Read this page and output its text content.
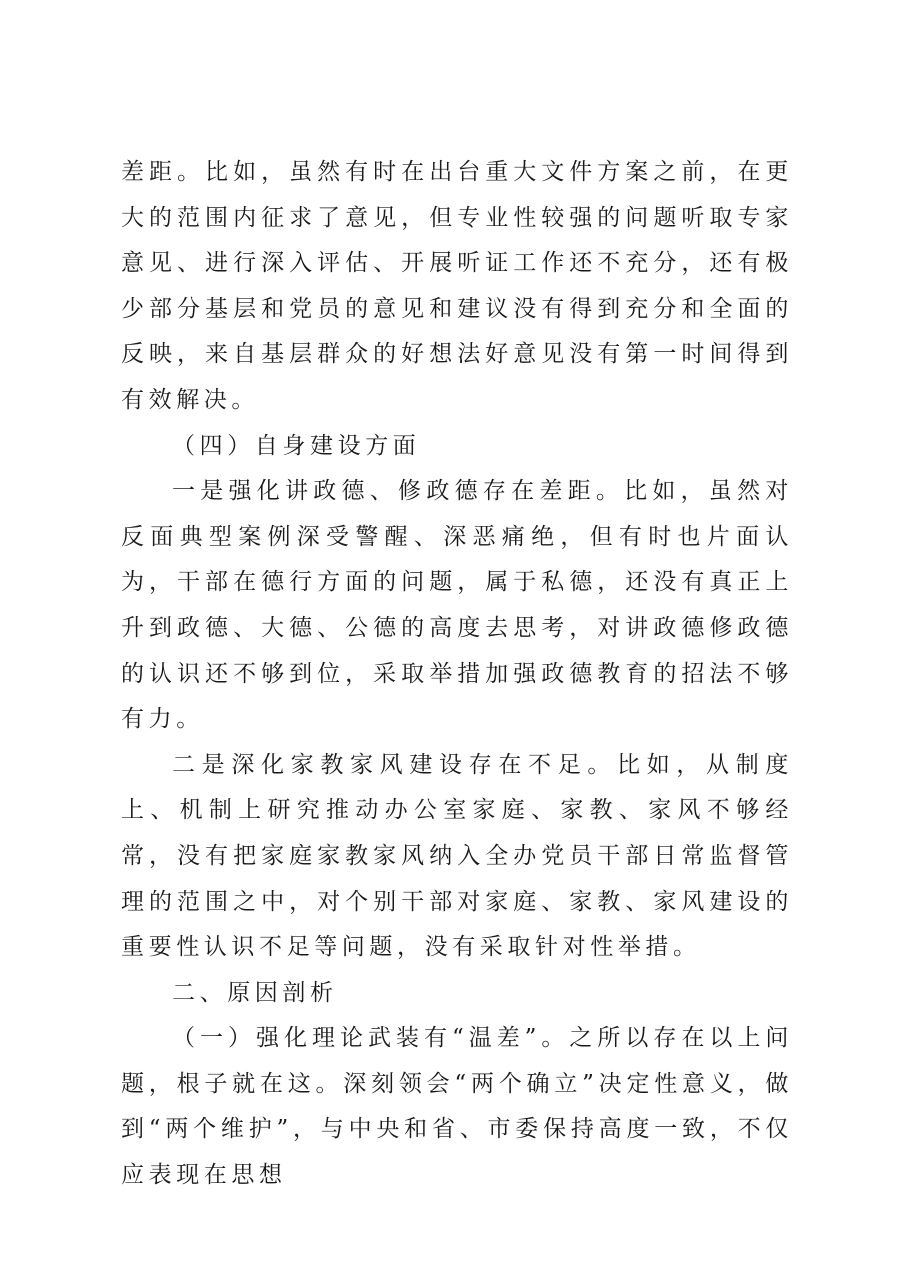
差距。比如，虽然有时在出台重大文件方案之前，在更大的范围内征求了意见，但专业性较强的问题听取专家意见、进行深入评估、开展听证工作还不充分，还有极少部分基层和党员的意见和建议没有得到充分和全面的反映，来自基层群众的好想法好意见没有第一时间得到有效解决。

（四）自身建设方面

一是强化讲政德、修政德存在差距。比如，虽然对反面典型案例深受警醒、深恶痛绝，但有时也片面认为，干部在德行方面的问题，属于私德，还没有真正上升到政德、大德、公德的高度去思考，对讲政德修政德的认识还不够到位，采取举措加强政德教育的招法不够有力。

二是深化家教家风建设存在不足。比如，从制度上、机制上研究推动办公室家庭、家教、家风不够经常，没有把家庭家教家风纳入全办党员干部日常监督管理的范围之中，对个别干部对家庭、家教、家风建设的重要性认识不足等问题，没有采取针对性举措。

二、原因剖析

（一）强化理论武装有“温差”。之所以存在以上问题，根子就在这。深刻领会“两个确立”决定性意义，做到“两个维护”，与中央和省、市委保持高度一致，不仅应表现在思想
